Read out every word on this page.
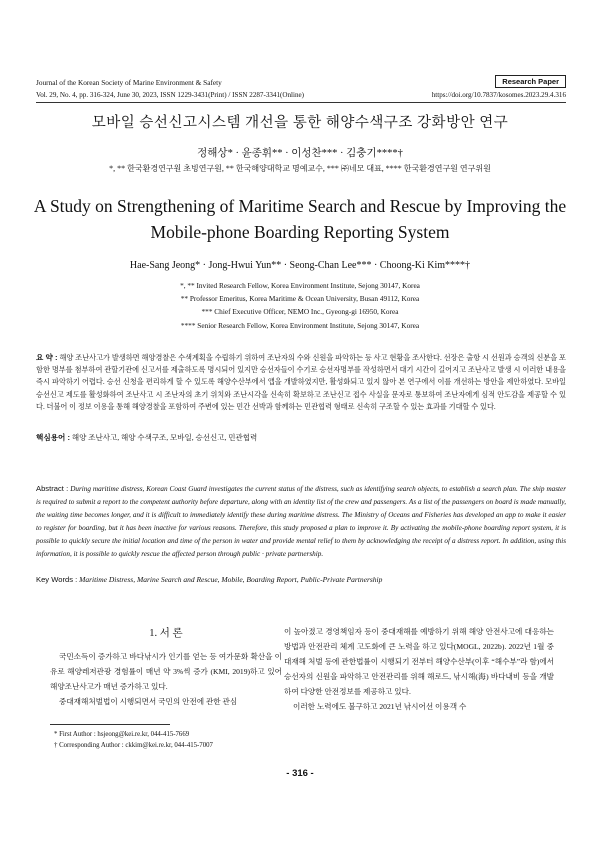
Journal of the Korean Society of Marine Environment & Safety	Research Paper
Vol. 29, No. 4, pp. 316-324, June 30, 2023, ISSN 1229-3431(Print) / ISSN 2287-3341(Online)	https://doi.org/10.7837/kosomes.2023.29.4.316
모바일 승선신고시스템 개선을 통한 해양수색구조 강화방안 연구
정해상* · 윤종휘** · 이성찬*** · 김충기****†
*, ** 한국환경연구원 초빙연구원, ** 한국해양대학교 명예교수, *** ㈜네모 대표, **** 한국환경연구원 연구위원
A Study on Strengthening of Maritime Search and Rescue by Improving the
Mobile-phone Boarding Reporting System
Hae-Sang Jeong* · Jong-Hwui Yun** · Seong-Chan Lee*** · Choong-Ki Kim****†
*, ** Invited Research Fellow, Korea Environment Institute, Sejong 30147, Korea
** Professor Emeritus, Korea Maritime & Ocean University, Busan 49112, Korea
*** Chief Executive Officer, NEMO Inc., Gyeong-gi 16950, Korea
**** Senior Research Fellow, Korea Environment Institute, Sejong 30147, Korea
요 약 : 해양 조난사고가 발생하면 해양경찰은 수색계획을 수립하기 위하여 조난자의 수와 신원을 파악하는 등 사고 현황을 조사한다. 선장은 출항 시 선원과 승객의 신분을 포함한 명부를 첨부하여 관할기관에 신고서를 제출하도록 명시되어 있지만 승선자들이 수기로 승선자명부를 작성하면서 대기 시간이 길어지고 조난사고 발생 시 이러한 내용을 즉시 파악하기 어렵다. 승선 신청을 편리하게 할 수 있도록 해양수산부에서 앱을 개발하였지만, 활성화되고 있지 않아 본 연구에서 이를 개선하는 방안을 제안하였다. 모바일 승선신고 제도를 활성화하여 조난사고 시 조난자의 초기 위치와 조난시각을 신속히 확보하고 조난신고 접수 사실을 문자로 통보하여 조난자에게 심적 안도감을 제공할 수 있다. 더불어 이 정보 이용을 통해 해양경찰을 포함하여 주변에 있는 민간 선박과 함께하는 민관협력 형태로 신속히 구조할 수 있는 효과를 기대할 수 있다.
핵심용어 : 해양 조난사고, 해양 수색구조, 모바일, 승선신고, 민관협력
Abstract : During maritime distress, Korean Coast Guard investigates the current status of the distress, such as identifying search objects, to establish a search plan. The ship master is required to submit a report to the competent authority before departure, along with an identity list of the crew and passengers. As a list of the passengers on board is made manually, the waiting time becomes longer, and it is difficult to immediately identify these during maritime distress. The Ministry of Oceans and Fisheries has developed an app to make it easier to register for boarding, but it has been inactive for various reasons. Therefore, this study proposed a plan to improve it. By activating the mobile-phone boarding report system, it is possible to quickly secure the initial location and time of the person in water and provide mental relief to them by acknowledging the receipt of a distress report. In addition, using this information, it is possible to quickly rescue the affected person through public · private partnership.
Key Words : Maritime Distress, Marine Search and Rescue, Mobile, Boarding Report, Public-Private Partnership
1. 서 론

국민소득이 증가하고 바다낚시가 인기를 얻는 등 여가문화 확산을 이유로 해양레저관광 경험률이 매년 약 3%씩 증가 (KMI, 2019)하고 있어 해양조난사고가 매년 증가하고 있다.

중대재해처벌법이 시행되면서 국민의 안전에 관한 관심

이 높아졌고 경영책임자 등이 중대재해를 예방하기 위해 해양 안전사고에 대응하는 방법과 안전관리 체계 고도화에 큰 노력을 하고 있다(MOGL, 2022b). 2022년 1월 중대재해 처벌 등에 관한법률이 시행되기 전부터 해양수산부(이후 “해수부”라 함)에서 승선자의 신원을 파악하고 안전관리를 위해 해로드, 낚시해(海) 바다내비 등을 개발하여 다양한 안전정보를 제공하고 있다.

이러한 노력에도 불구하고 2021년 낚시어선 이용객 수

* First Author : hsjeong@kei.re.kr, 044-415-7669
† Corresponding Author : ckkim@kei.re.kr, 044-415-7007
- 316 -
